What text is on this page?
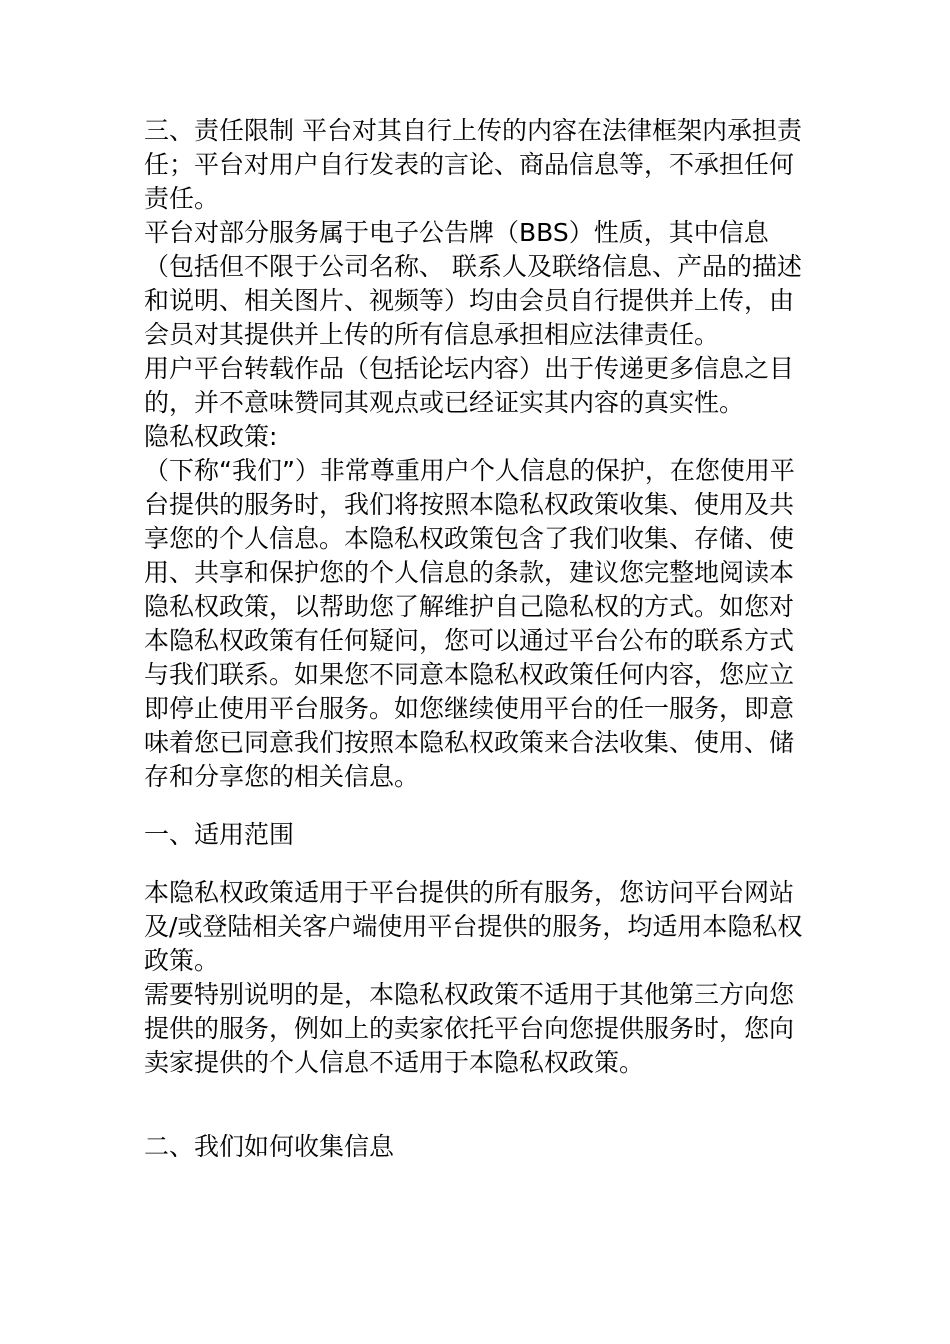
三、责任限制 平台对其自行上传的内容在法律框架内承担责任；平台对用户自行发表的言论、商品信息等，不承担任何责任。

平台对部分服务属于电子公告牌（BBS）性质，其中信息（包括但不限于公司名称、 联系人及联络信息、产品的描述和说明、相关图片、视频等）均由会员自行提供并上传，由会员对其提供并上传的所有信息承担相应法律责任。

用户平台转载作品（包括论坛内容）出于传递更多信息之目的，并不意味赞同其观点或已经证实其内容的真实性。

隐私权政策:

（下称“我们”）非常尊重用户个人信息的保护，在您使用平台提供的服务时，我们将按照本隐私权政策收集、使用及共享您的个人信息。本隐私权政策包含了我们收集、存储、使用、共享和保护您的个人信息的条款，建议您完整地阅读本隐私权政策，以帮助您了解维护自己隐私权的方式。如您对本隐私权政策有任何疑问，您可以通过平台公布的联系方式与我们联系。如果您不同意本隐私权政策任何内容，您应立即停止使用平台服务。如您继续使用平台的任一服务，即意味着您已同意我们按照本隐私权政策来合法收集、使用、储存和分享您的相关信息。

一、适用范围

本隐私权政策适用于平台提供的所有服务，您访问平台网站及/或登陆相关客户端使用平台提供的服务，均适用本隐私权政策。

需要特别说明的是，本隐私权政策不适用于其他第三方向您提供的服务，例如上的卖家依托平台向您提供服务时，您向卖家提供的个人信息不适用于本隐私权政策。

二、我们如何收集信息
